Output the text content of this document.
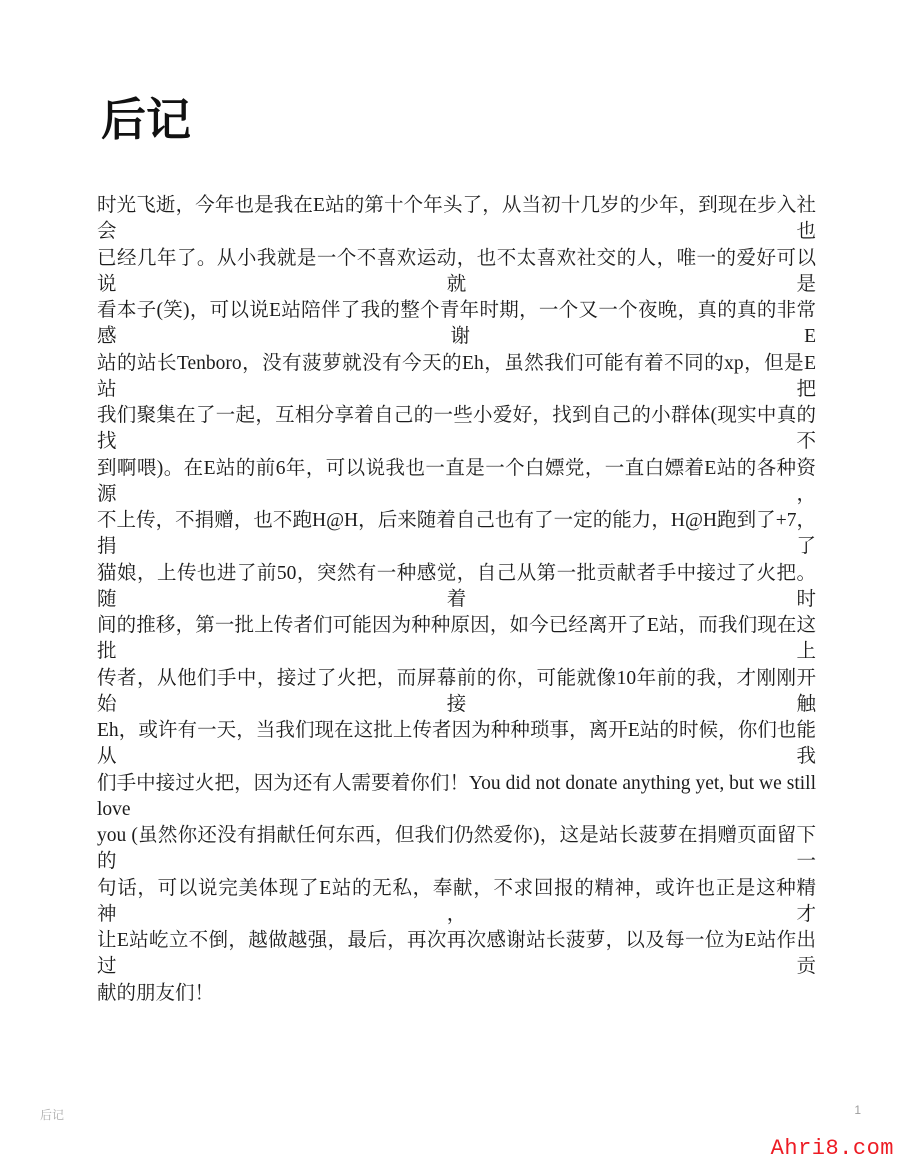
后记
时光飞逝，今年也是我在E站的第十个年头了，从当初十几岁的少年，到现在步入社会也
已经几年了。从小我就是一个不喜欢运动，也不太喜欢社交的人，唯一的爱好可以说就是
看本子(笑)，可以说E站陪伴了我的整个青年时期，一个又一个夜晚，真的真的非常感谢E
站的站长Tenboro，没有菠萝就没有今天的Eh，虽然我们可能有着不同的xp，但是E站把
我们聚集在了一起，互相分享着自己的一些小爱好，找到自己的小群体(现实中真的找不
到啊喂)。在E站的前6年，可以说我也一直是一个白嫖党，一直白嫖着E站的各种资源，
不上传，不捐赠，也不跑H@H，后来随着自己也有了一定的能力，H@H跑到了+7，捐了
猫娘，上传也进了前50，突然有一种感觉，自己从第一批贡献者手中接过了火把。随着时
间的推移，第一批上传者们可能因为种种原因，如今已经离开了E站，而我们现在这批上
传者，从他们手中，接过了火把，而屏幕前的你，可能就像10年前的我，才刚刚开始接触
Eh，或许有一天，当我们现在这批上传者因为种种琐事，离开E站的时候，你们也能从我
们手中接过火把，因为还有人需要着你们！You did not donate anything yet, but we still love
you (虽然你还没有捐献任何东西，但我们仍然爱你)，这是站长菠萝在捐赠页面留下的一
句话，可以说完美体现了E站的无私，奉献，不求回报的精神，或许也正是这种精神，才
让E站屹立不倒，越做越强，最后，再次再次感谢站长菠萝，以及每一位为E站作出过贡
献的朋友们！
后记	1
Ahri8.com
